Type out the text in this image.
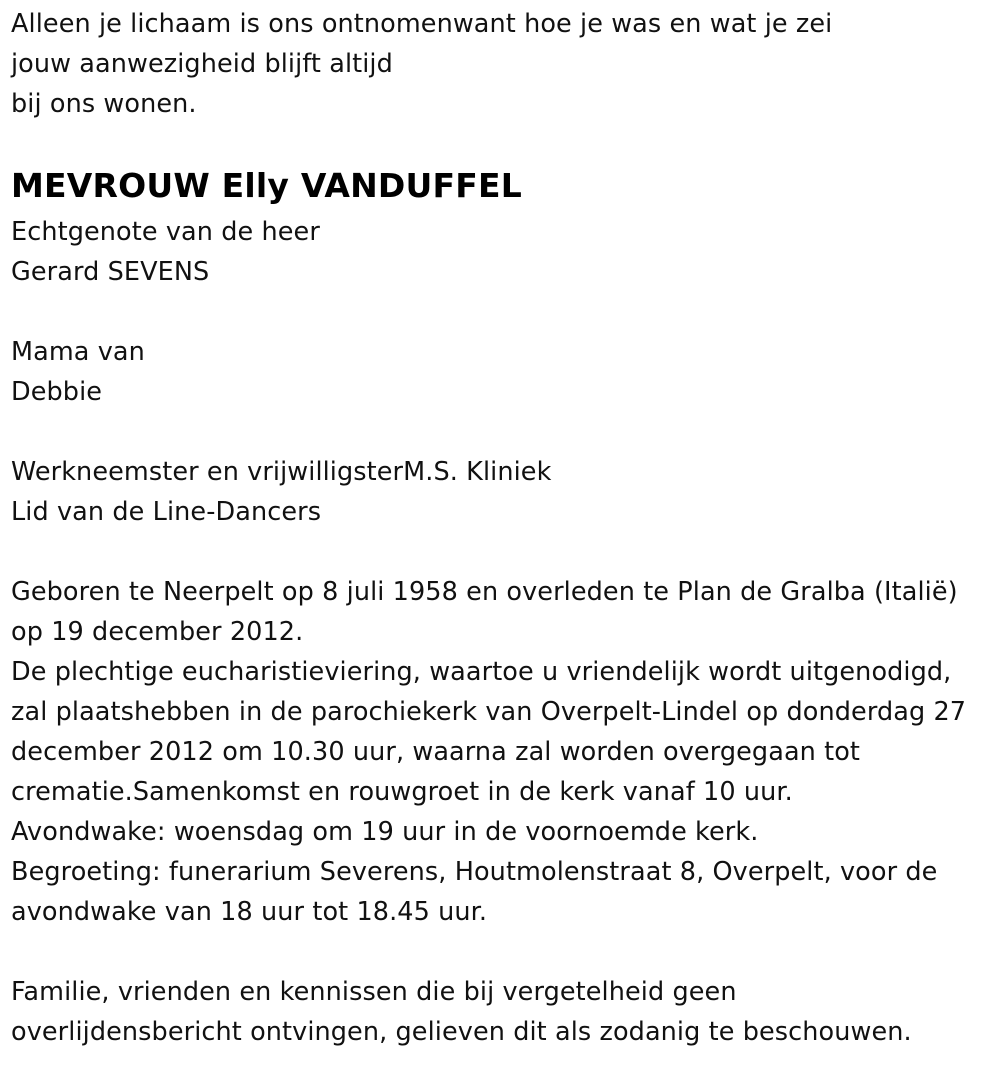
Alleen je lichaam is ons ontnomenwant hoe je was en wat je zei
jouw aanwezigheid blijft altijd
bij ons wonen.
MEVROUW Elly VANDUFFEL
Echtgenote van de heer
Gerard SEVENS
Mama van
Debbie
Werkneemster en vrijwilligsterM.S. Kliniek
Lid van de Line-Dancers
Geboren te Neerpelt op 8 juli 1958 en overleden te Plan de Gralba (Italië)
op 19 december 2012.
De plechtige eucharistieviering, waartoe u vriendelijk wordt uitgenodigd,
zal plaatshebben in de parochiekerk van Overpelt-Lindel op donderdag 27
december 2012 om 10.30 uur, waarna zal worden overgegaan tot
crematie.Samenkomst en rouwgroet in de kerk vanaf 10 uur.
Avondwake: woensdag om 19 uur in de voornoemde kerk.
Begroeting: funerarium Severens, Houtmolenstraat 8, Overpelt, voor de
avondwake van 18 uur tot 18.45 uur.
Familie, vrienden en kennissen die bij vergetelheid geen
overlijdensbericht ontvingen, gelieven dit als zodanig te beschouwen.
